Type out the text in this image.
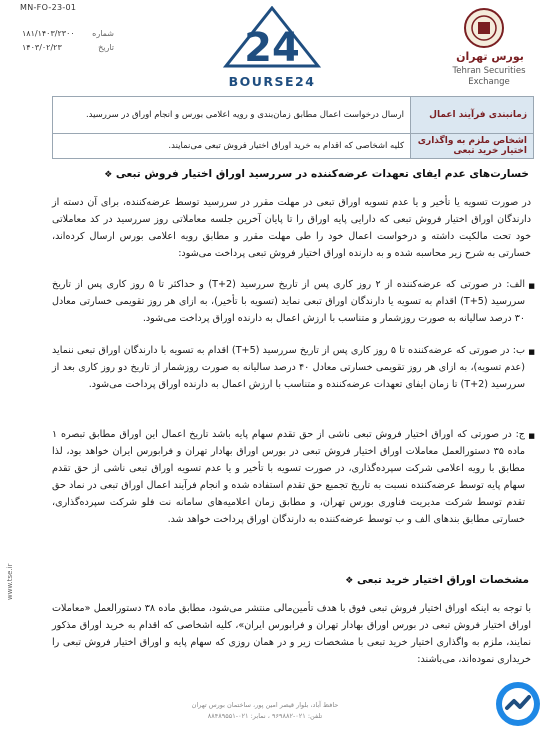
MN-FO-23-01
۱۸۱/۱۴۰۳/۲۳۰۰ شماره
۱۴۰۳/۰۲/۲۳	تاریخ	24
BOURSE24
بورس تهران
Tehran Securities Exchange
زمانبندی فرآیند اعمال	ارسال درخواست اعمال مطابق زمان‌بندی و رویه اعلامی بورس و انجام اوراق در سررسید.
اشخاص ملزم به واگذاری اختیار خرید تبعی	کلیه اشخاصی که اقدام به خرید اوراق اختیار فروش تبعی می‌نمایند.
خسارت‌های عدم ایفای تعهدات عرضه‌کننده در سررسید اوراق اختیار فروش تبعی ❖
در صورت تسویه یا تأخیر و یا عدم تسویه اوراق تبعی در مهلت مقرر در سررسید توسط عرضه‌کننده، برای آن دسته از دارندگان اوراق اختیار فروش تبعی که دارایی پایه اوراق را تا پایان آخرین جلسه معاملاتی روز سررسید در کد معاملاتی خود تحت مالکیت داشته و درخواست اعمال خود را طی مهلت مقرر و مطابق رویه اعلامی بورس ارسال کرده‌اند، خسارتی به شرح زیر محاسبه شده و به دارنده اوراق اختیار فروش تبعی پرداخت می‌شود:
■
الف: در صورتی که عرضه‌کننده از ۲ روز کاری پس از تاریخ سررسید (T+2) و حداکثر تا ۵ روز کاری پس از تاریخ سررسید (T+5) اقدام به تسویه یا دارندگان اوراق تبعی نماید (تسویه با تأخیر)، به ازای هر روز تقویمی خسارتی معادل ۳۰ درصد سالیانه به صورت روزشمار و متناسب با ارزش اعمال به دارنده اوراق پرداخت می‌شود.
■
ب: در صورتی که عرضه‌کننده تا ۵ روز کاری پس از تاریخ سررسید (T+5) اقدام به تسویه با دارندگان اوراق تبعی ننماید (عدم تسویه)، به ازای هر روز تقویمی خسارتی معادل ۴۰ درصد سالیانه به صورت روزشمار از تاریخ دو روز کاری بعد از سررسید (T+2) تا زمان ایفای تعهدات عرضه‌کننده و متناسب با ارزش اعمال به دارنده اوراق پرداخت می‌شود.
■
ج: در صورتی که اوراق اختیار فروش تبعی ناشی از حق تقدم سهام پایه باشد تاریخ اعمال این اوراق مطابق تبصره ۱ ماده ۳۵ دستورالعمل معاملات اوراق اختیار فروش تبعی در بورس اوراق بهادار تهران و فرابورس ایران خواهد بود، لذا مطابق با رویه اعلامی شرکت سپرده‌گذاری، در صورت تسویه با تأخیر و یا عدم تسویه اوراق تبعی ناشی از حق تقدم سهام پایه توسط عرضه‌کننده نسبت به تاریخ تجمیع حق تقدم استفاده شده و انجام فرآیند اعمال اوراق تبعی در نماد حق تقدم توسط شرکت مدیریت فناوری بورس تهران، و مطابق زمان اعلامیه‌های سامانه نت فلو شرکت سپرده‌گذاری، خسارتی مطابق بندهای الف و ب توسط عرضه‌کننده به دارندگان اوراق پرداخت خواهد شد.
مشخصات اوراق اختیار خرید تبعی ❖
با توجه به اینکه اوراق اختیار فروش تبعی فوق با هدف تأمین‌مالی منتشر می‌شود، مطابق ماده ۳۸ دستورالعمل «معاملات اوراق اختیار فروش تبعی در بورس اوراق بهادار تهران و فرابورس ایران»، کلیه اشخاصی که اقدام به خرید اوراق مذکور نمایند، ملزم به واگذاری اختیار خرید تبعی با مشخصات زیر و در همان روزی که سهام پایه و اوراق اختیار فروش تبعی را خریداری نموده‌اند، می‌باشند:
www.tse.ir
حافظ آباد، بلوار قیصر امین پور، ساختمان بورس تهران
تلفن: ۰۲۱-۹۶۹۸۸۲ ، نمابر: ۰۲۱-۸۸۴۸۹۵۵۱
